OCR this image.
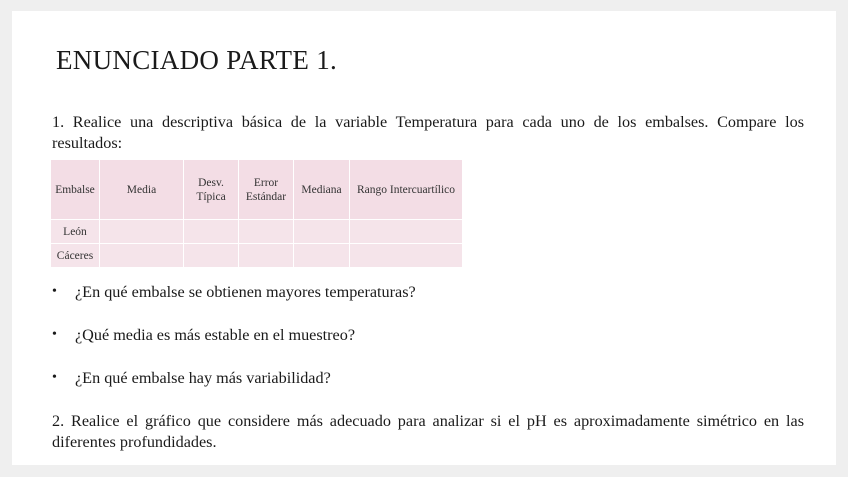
ENUNCIADO PARTE 1.
1. Realice una descriptiva básica de la variable Temperatura para cada uno de los embalses. Compare los resultados:
Embalse	Media	Desv. Típica	Error Estándar	Mediana	Rango Intercuartílico
León					
Cáceres					
• ¿En qué embalse se obtienen mayores temperaturas?
• ¿Qué media es más estable en el muestreo?
• ¿En qué embalse hay más variabilidad?
2. Realice el gráfico que considere más adecuado para analizar si el pH es aproximadamente simétrico en las diferentes profundidades.
